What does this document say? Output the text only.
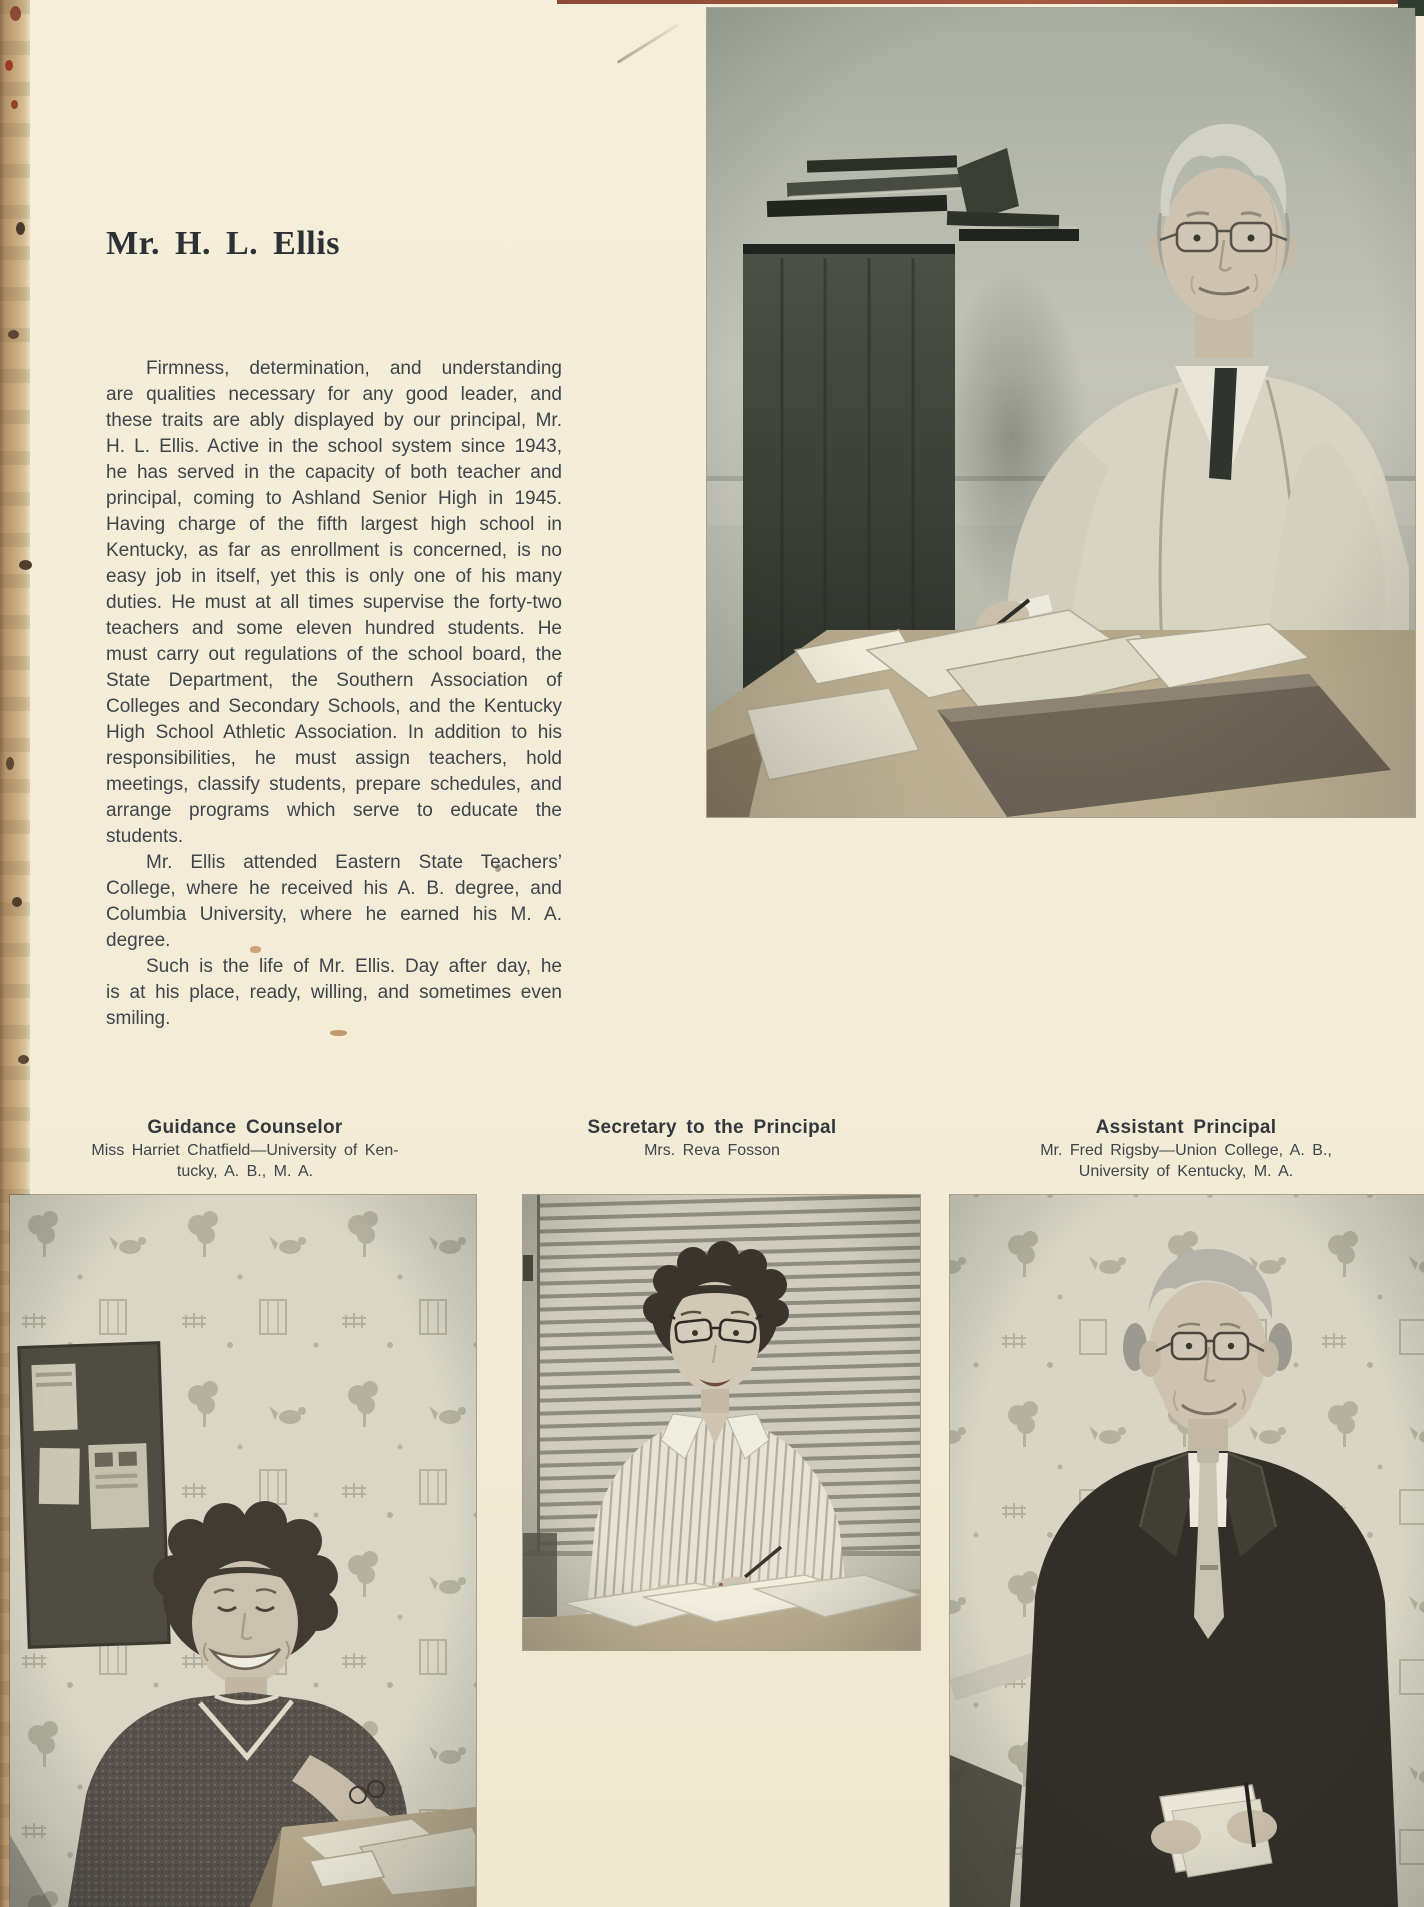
Mr. H. L. Ellis

Firmness, determination, and understanding are qualities necessary for any good leader, and these traits are ably displayed by our principal, Mr. H. L. Ellis. Active in the school system since 1943, he has served in the capacity of both teacher and principal, coming to Ashland Senior High in 1945. Having charge of the fifth largest high school in Kentucky, as far as enrollment is concerned, is no easy job in itself, yet this is only one of his many duties. He must at all times supervise the forty-two teachers and some eleven hundred students. He must carry out regulations of the school board, the State Department, the Southern Association of Colleges and Secondary Schools, and the Kentucky High School Athletic Association. In addition to his responsibilities, he must assign teachers, hold meetings, classify students, prepare schedules, and arrange programs which serve to educate the students.

Mr. Ellis attended Eastern State Teachers’ College, where he received his A. B. degree, and Columbia University, where he earned his M. A. degree.

Such is the life of Mr. Ellis. Day after day, he is at his place, ready, willing, and sometimes even smiling.

Guidance Counselor
Miss Harriet Chatfield—University of Ken-
tucky, A. B., M. A.
Secretary to the Principal
Mrs. Reva Fosson
Assistant Principal
Mr. Fred Rigsby—Union College, A. B.,
University of Kentucky, M. A.
